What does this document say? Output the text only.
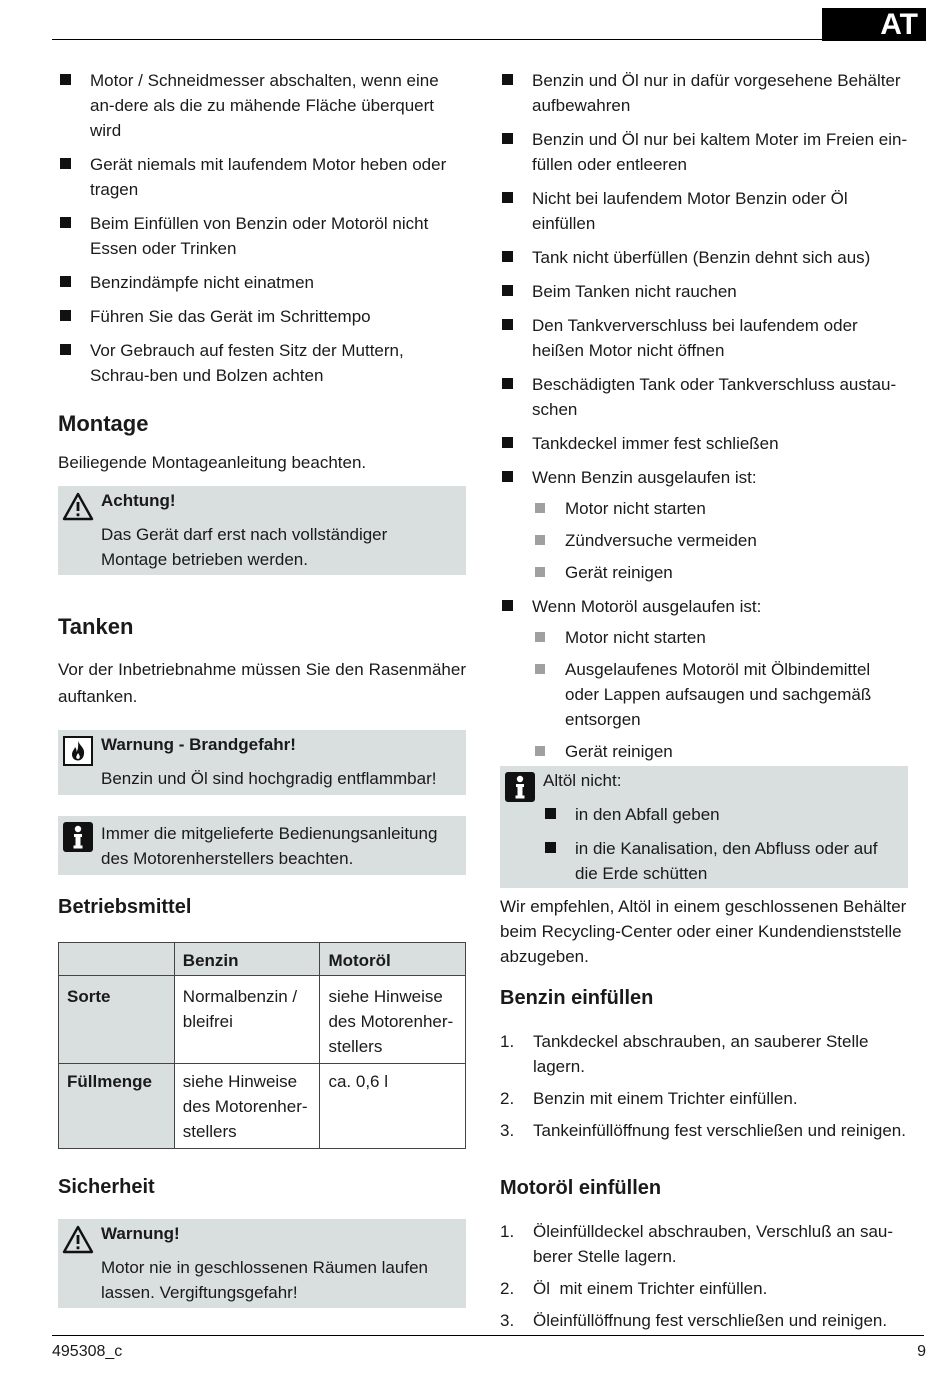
AT
Motor / Schneidmesser abschalten, wenn eine an-dere als die zu mähende Fläche überquert wird
Gerät niemals mit laufendem Motor heben oder tragen
Beim Einfüllen von Benzin oder Motoröl nicht Essen oder Trinken
Benzindämpfe nicht einatmen
Führen Sie das Gerät im Schrittempo
Vor Gebrauch auf festen Sitz der Muttern, Schrau-ben und Bolzen achten
Montage

Beiliegende Montageanleitung beachten.

Achtung!
Das Gerät darf erst nach vollständiger Montage betrieben werden.
Tanken

Vor der Inbetriebnahme müssen Sie den Rasenmäher auftanken.

Warnung - Brandgefahr!
Benzin und Öl sind hochgradig entflammbar!
Immer die mitgelieferte Bedienungsanleitung des Motorenherstellers beachten.
Betriebsmittel
	Benzin	Motoröl
Sorte	Normalbenzin / bleifrei	siehe Hinweise des Motorenher-stellers
Füllmenge	siehe Hinweise des Motorenher-stellers	ca. 0,6 l
Sicherheit
Warnung!
Motor nie in geschlossenen Räumen laufen lassen. Vergiftungsgefahr!
Benzin und Öl nur in dafür vorgesehene Behälter aufbewahren
Benzin und Öl nur bei kaltem Moter im Freien ein-füllen oder entleeren
Nicht bei laufendem Motor Benzin oder Öl einfüllen
Tank nicht überfüllen (Benzin dehnt sich aus)
Beim Tanken nicht rauchen
Den Tankververschluss bei laufendem oder heißen Motor nicht öffnen
Beschädigten Tank oder Tankverschluss austau-schen
Tankdeckel immer fest schließen
Wenn Benzin ausgelaufen ist:
Motor nicht starten
Zündversuche vermeiden
Gerät reinigen
Wenn Motoröl ausgelaufen ist:
Motor nicht starten
Ausgelaufenes Motoröl mit Ölbindemittel oder Lappen aufsaugen und sachgemäß entsorgen
Gerät reinigen
Altöl nicht:
in den Abfall geben
in die Kanalisation, den Abfluss oder auf die Erde schütten

Wir empfehlen, Altöl in einem geschlossenen Behälter beim Recycling-Center oder einer Kundendienststelle abzugeben.

Benzin einfüllen
1. Tankdeckel abschrauben, an sauberer Stelle lagern.
2. Benzin mit einem Trichter einfüllen.
3. Tankeinfüllöffnung fest verschließen und reinigen.
Motoröl einfüllen
1. Öleinfülldeckel abschrauben, Verschluß an sau-berer Stelle lagern.
2. Öl  mit einem Trichter einfüllen.
3. Öleinfüllöffnung fest verschließen und reinigen.
495308_c	9
